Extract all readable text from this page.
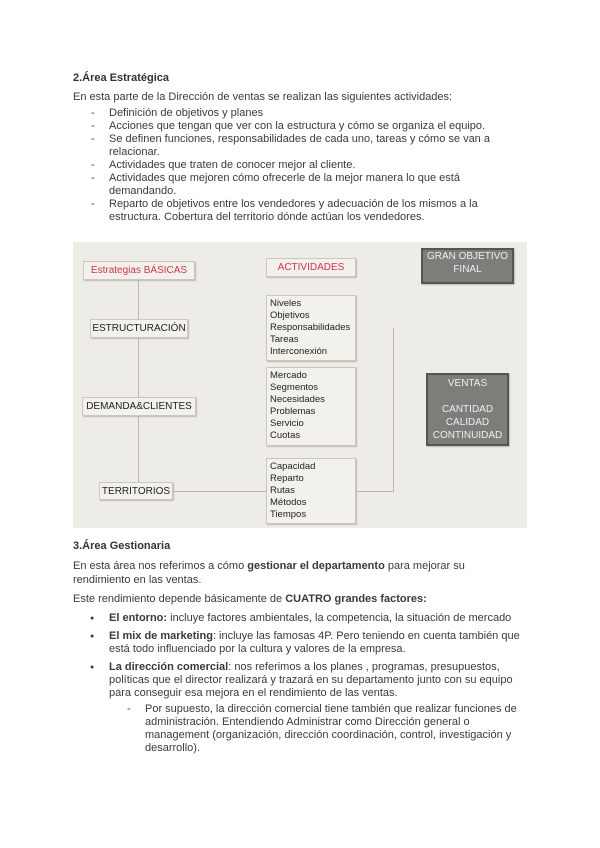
2.Área Estratégica

En esta parte de la Dirección de ventas se realizan las siguientes actividades:

- Definición de objetivos y planes
- Acciones que tengan que ver con la estructura y cómo se organiza el equipo.
- Se definen funciones, responsabilidades de cada uno, tareas y cómo se van a relacionar.
- Actividades que traten de conocer mejor al cliente.
- Actividades que mejoren cómo ofrecerle de la mejor manera lo que está demandando.
- Reparto de objetivos entre los vendedores y adecuación de los mismos a la estructura. Cobertura del territorio dónde actúan los vendedores.
Estrategias BÁSICAS	ACTIVIDADES
GRAN OBJETIVO
FINAL
ESTRUCTURACIÓN
DEMANDA&CLIENTES
TERRITORIOS
Niveles
Objetivos
Responsabilidades
Tareas
Interconexión
Mercado
Segmentos
Necesidades
Problemas
Servicio
Cuotas
Capacidad
Reparto
Rutas
Métodos
Tiempos
VENTAS
CANTIDAD
CALIDAD
CONTINUIDAD
3.Área Gestionaria

En esta área nos referimos a cómo gestionar el departamento para mejorar su rendimiento en las ventas.

Este rendimiento depende básicamente de CUATRO grandes factores:

● El entorno: incluye factores ambientales, la competencia, la situación de mercado
● El mix de marketing: incluye las famosas 4P. Pero teniendo en cuenta también que está todo influenciado por la cultura y valores de la empresa.
● La dirección comercial: nos referimos a los planes , programas, presupuestos, políticas que el director realizará y trazará en su departamento junto con su equipo para conseguir esa mejora en el rendimiento de las ventas.
- Por supuesto, la dirección comercial tiene también que realizar funciones de administración. Entendiendo Administrar como Dirección general o management (organización, dirección coordinación, control, investigación y desarrollo).
